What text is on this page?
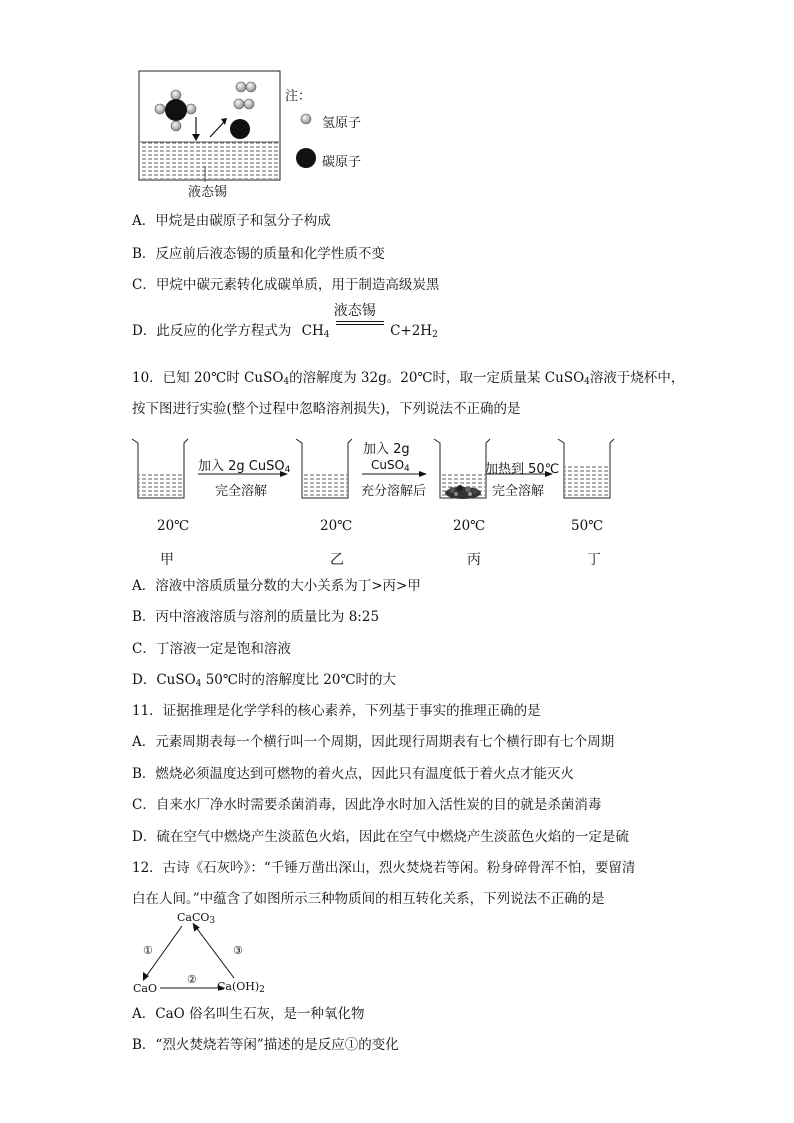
注：
氢原子
碳原子
液态锡
A．甲烷是由碳原子和氢分子构成
B．反应前后液态锡的质量和化学性质不变
C．甲烷中碳元素转化成碳单质，用于制造高级炭黑
D．此反应的化学方程式为 $CH_4$
液态锡
$C+2H_2$
10．已知 20℃时 CuSO$_4$的溶解度为 32g。20℃时，取一定质量某 CuSO$_4$溶液于烧杯中，
按下图进行实验(整个过程中忽略溶剂损失)，下列说法不正确的是
加入 2g CuSO$_4$
完全溶解
加入 2g
CuSO$_4$
充分溶解后
加热到 50℃
完全溶解
20℃	20℃	20℃	50℃
甲	乙	丙	丁
A．溶液中溶质质量分数的大小关系为丁>丙>甲
B．丙中溶液溶质与溶剂的质量比为 8:25
C．丁溶液一定是饱和溶液
D．CuSO$_4$ 50℃时的溶解度比 20℃时的大
11．证据推理是化学学科的核心素养，下列基于事实的推理正确的是
A．元素周期表每一个横行叫一个周期，因此现行周期表有七个横行即有七个周期
B．燃烧必须温度达到可燃物的着火点，因此只有温度低于着火点才能灭火
C．自来水厂净水时需要杀菌消毒，因此净水时加入活性炭的目的就是杀菌消毒
D．硫在空气中燃烧产生淡蓝色火焰，因此在空气中燃烧产生淡蓝色火焰的一定是硫
12．古诗《石灰吟》：“千锤万凿出深山，烈火焚烧若等闲。粉身碎骨浑不怕，要留清
白在人间。”中蕴含了如图所示三种物质间的相互转化关系，下列说法不正确的是
CaCO$_3$
CaO	$Ca(OH)_2$
①
②
③
A．CaO 俗名叫生石灰，是一种氧化物
B．“烈火焚烧若等闲”描述的是反应①的变化
